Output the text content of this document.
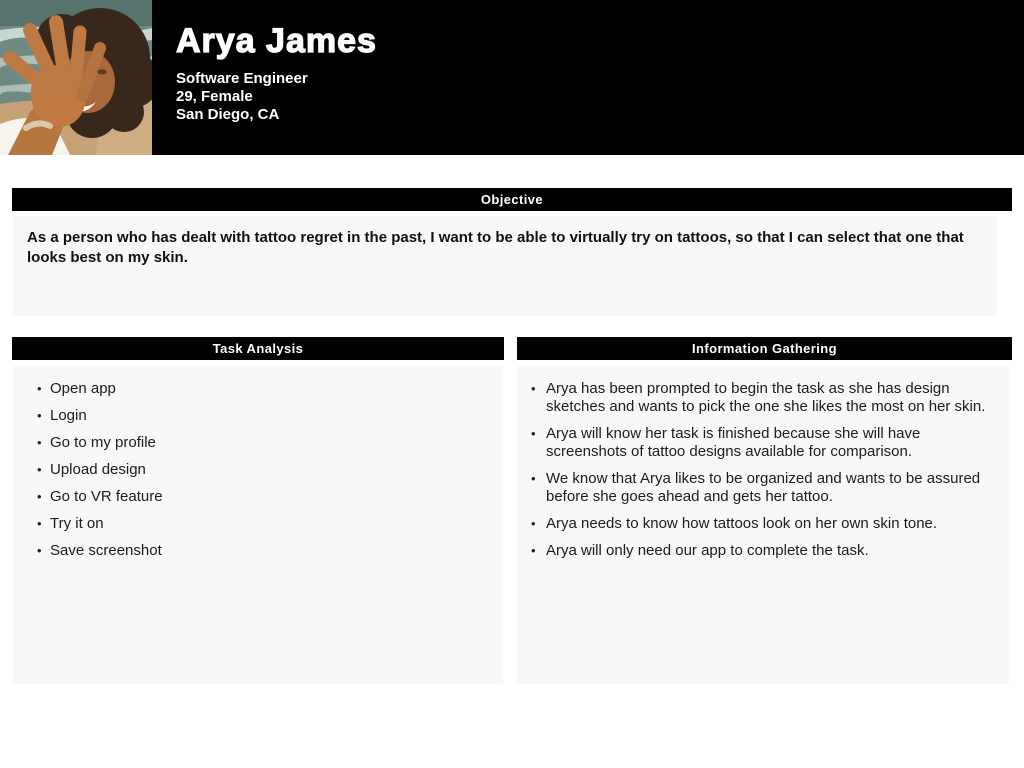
Arya James
Software Engineer
29, Female
San Diego, CA
Objective

As a person who has dealt with tattoo regret in the past, I want to be able to virtually try on tattoos, so that I can select that one that looks best on my skin.

Task Analysis
• Open app
• Login
• Go to my profile
• Upload design
• Go to VR feature
• Try it on
• Save screenshot
Information Gathering
• Arya has been prompted to begin the task as she has design sketches and wants to pick the one she likes the most on her skin.
• Arya will know her task is finished because she will have screenshots of tattoo designs available for comparison.
• We know that Arya likes to be organized and wants to be assured before she goes ahead and gets her tattoo.
• Arya needs to know how tattoos look on her own skin tone.
• Arya will only need our app to complete the task.
